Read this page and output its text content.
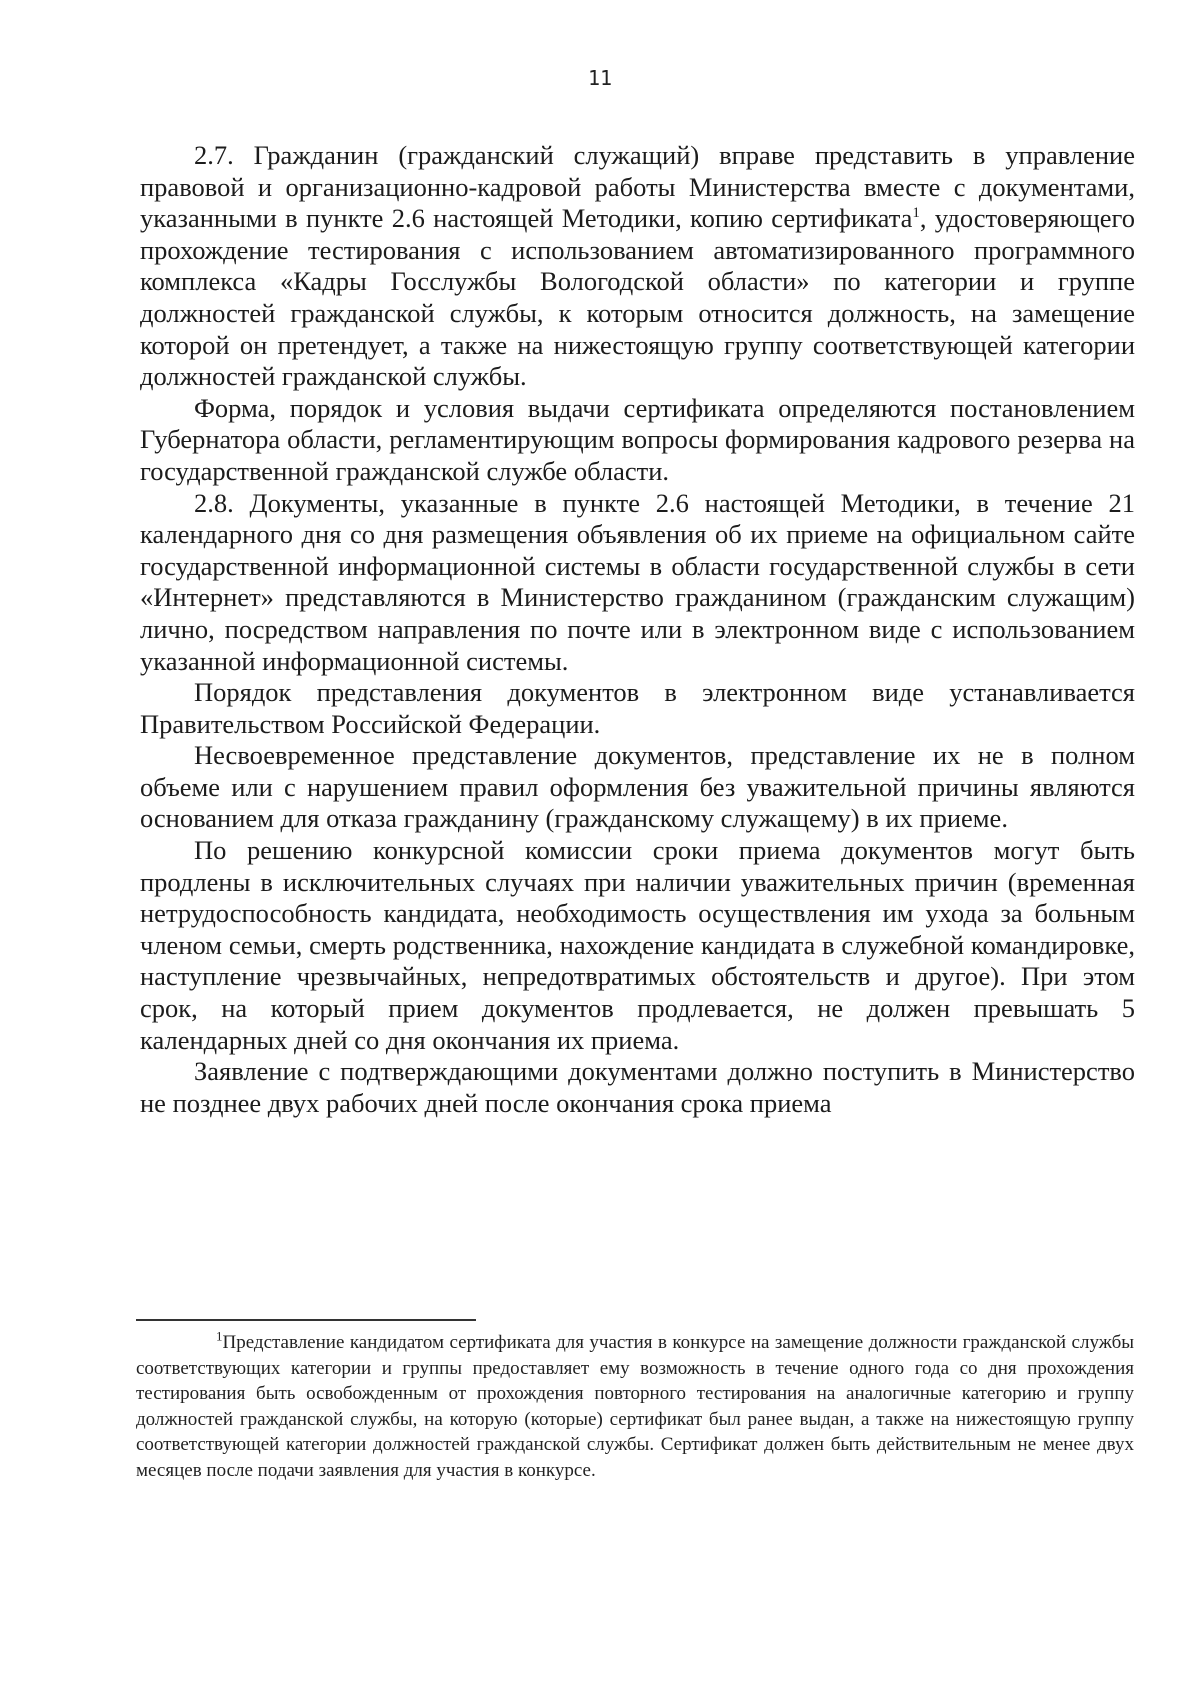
11

2.7. Гражданин (гражданский служащий) вправе представить в управление правовой и организационно-кадровой работы Министерства вместе с документами, указанными в пункте 2.6 настоящей Методики, копию сертификата$^1$, удостоверяющего прохождение тестирования с использованием автоматизированного программного комплекса «Кадры Госслужбы Вологодской области» по категории и группе должностей гражданской службы, к которым относится должность, на замещение которой он претендует, а также на нижестоящую группу соответствующей категории должностей гражданской службы.

Форма, порядок и условия выдачи сертификата определяются постановлением Губернатора области, регламентирующим вопросы формирования кадрового резерва на государственной гражданской службе области.

2.8. Документы, указанные в пункте 2.6 настоящей Методики, в течение 21 календарного дня со дня размещения объявления об их приеме на официальном сайте государственной информационной системы в области государственной службы в сети «Интернет» представляются в Министерство гражданином (гражданским служащим) лично, посредством направления по почте или в электронном виде с использованием указанной информационной системы.

Порядок представления документов в электронном виде устанавливается Правительством Российской Федерации.

Несвоевременное представление документов, представление их не в полном объеме или с нарушением правил оформления без уважительной причины являются основанием для отказа гражданину (гражданскому служащему) в их приеме.

По решению конкурсной комиссии сроки приема документов могут быть продлены в исключительных случаях при наличии уважительных причин (временная нетрудоспособность кандидата, необходимость осуществления им ухода за больным членом семьи, смерть родственника, нахождение кандидата в служебной командировке, наступление чрезвычайных, непредотвратимых обстоятельств и другое). При этом срок, на который прием документов продлевается, не должен превышать 5 календарных дней со дня окончания их приема.

Заявление с подтверждающими документами должно поступить в Министерство не позднее двух рабочих дней после окончания срока приема

$^1$Представление кандидатом сертификата для участия в конкурсе на замещение должности гражданской службы соответствующих категории и группы предоставляет ему возможность в течение одного года со дня прохождения тестирования быть освобожденным от прохождения повторного тестирования на аналогичные категорию и группу должностей гражданской службы, на которую (которые) сертификат был ранее выдан, а также на нижестоящую группу соответствующей категории должностей гражданской службы. Сертификат должен быть действительным не менее двух месяцев после подачи заявления для участия в конкурсе.
